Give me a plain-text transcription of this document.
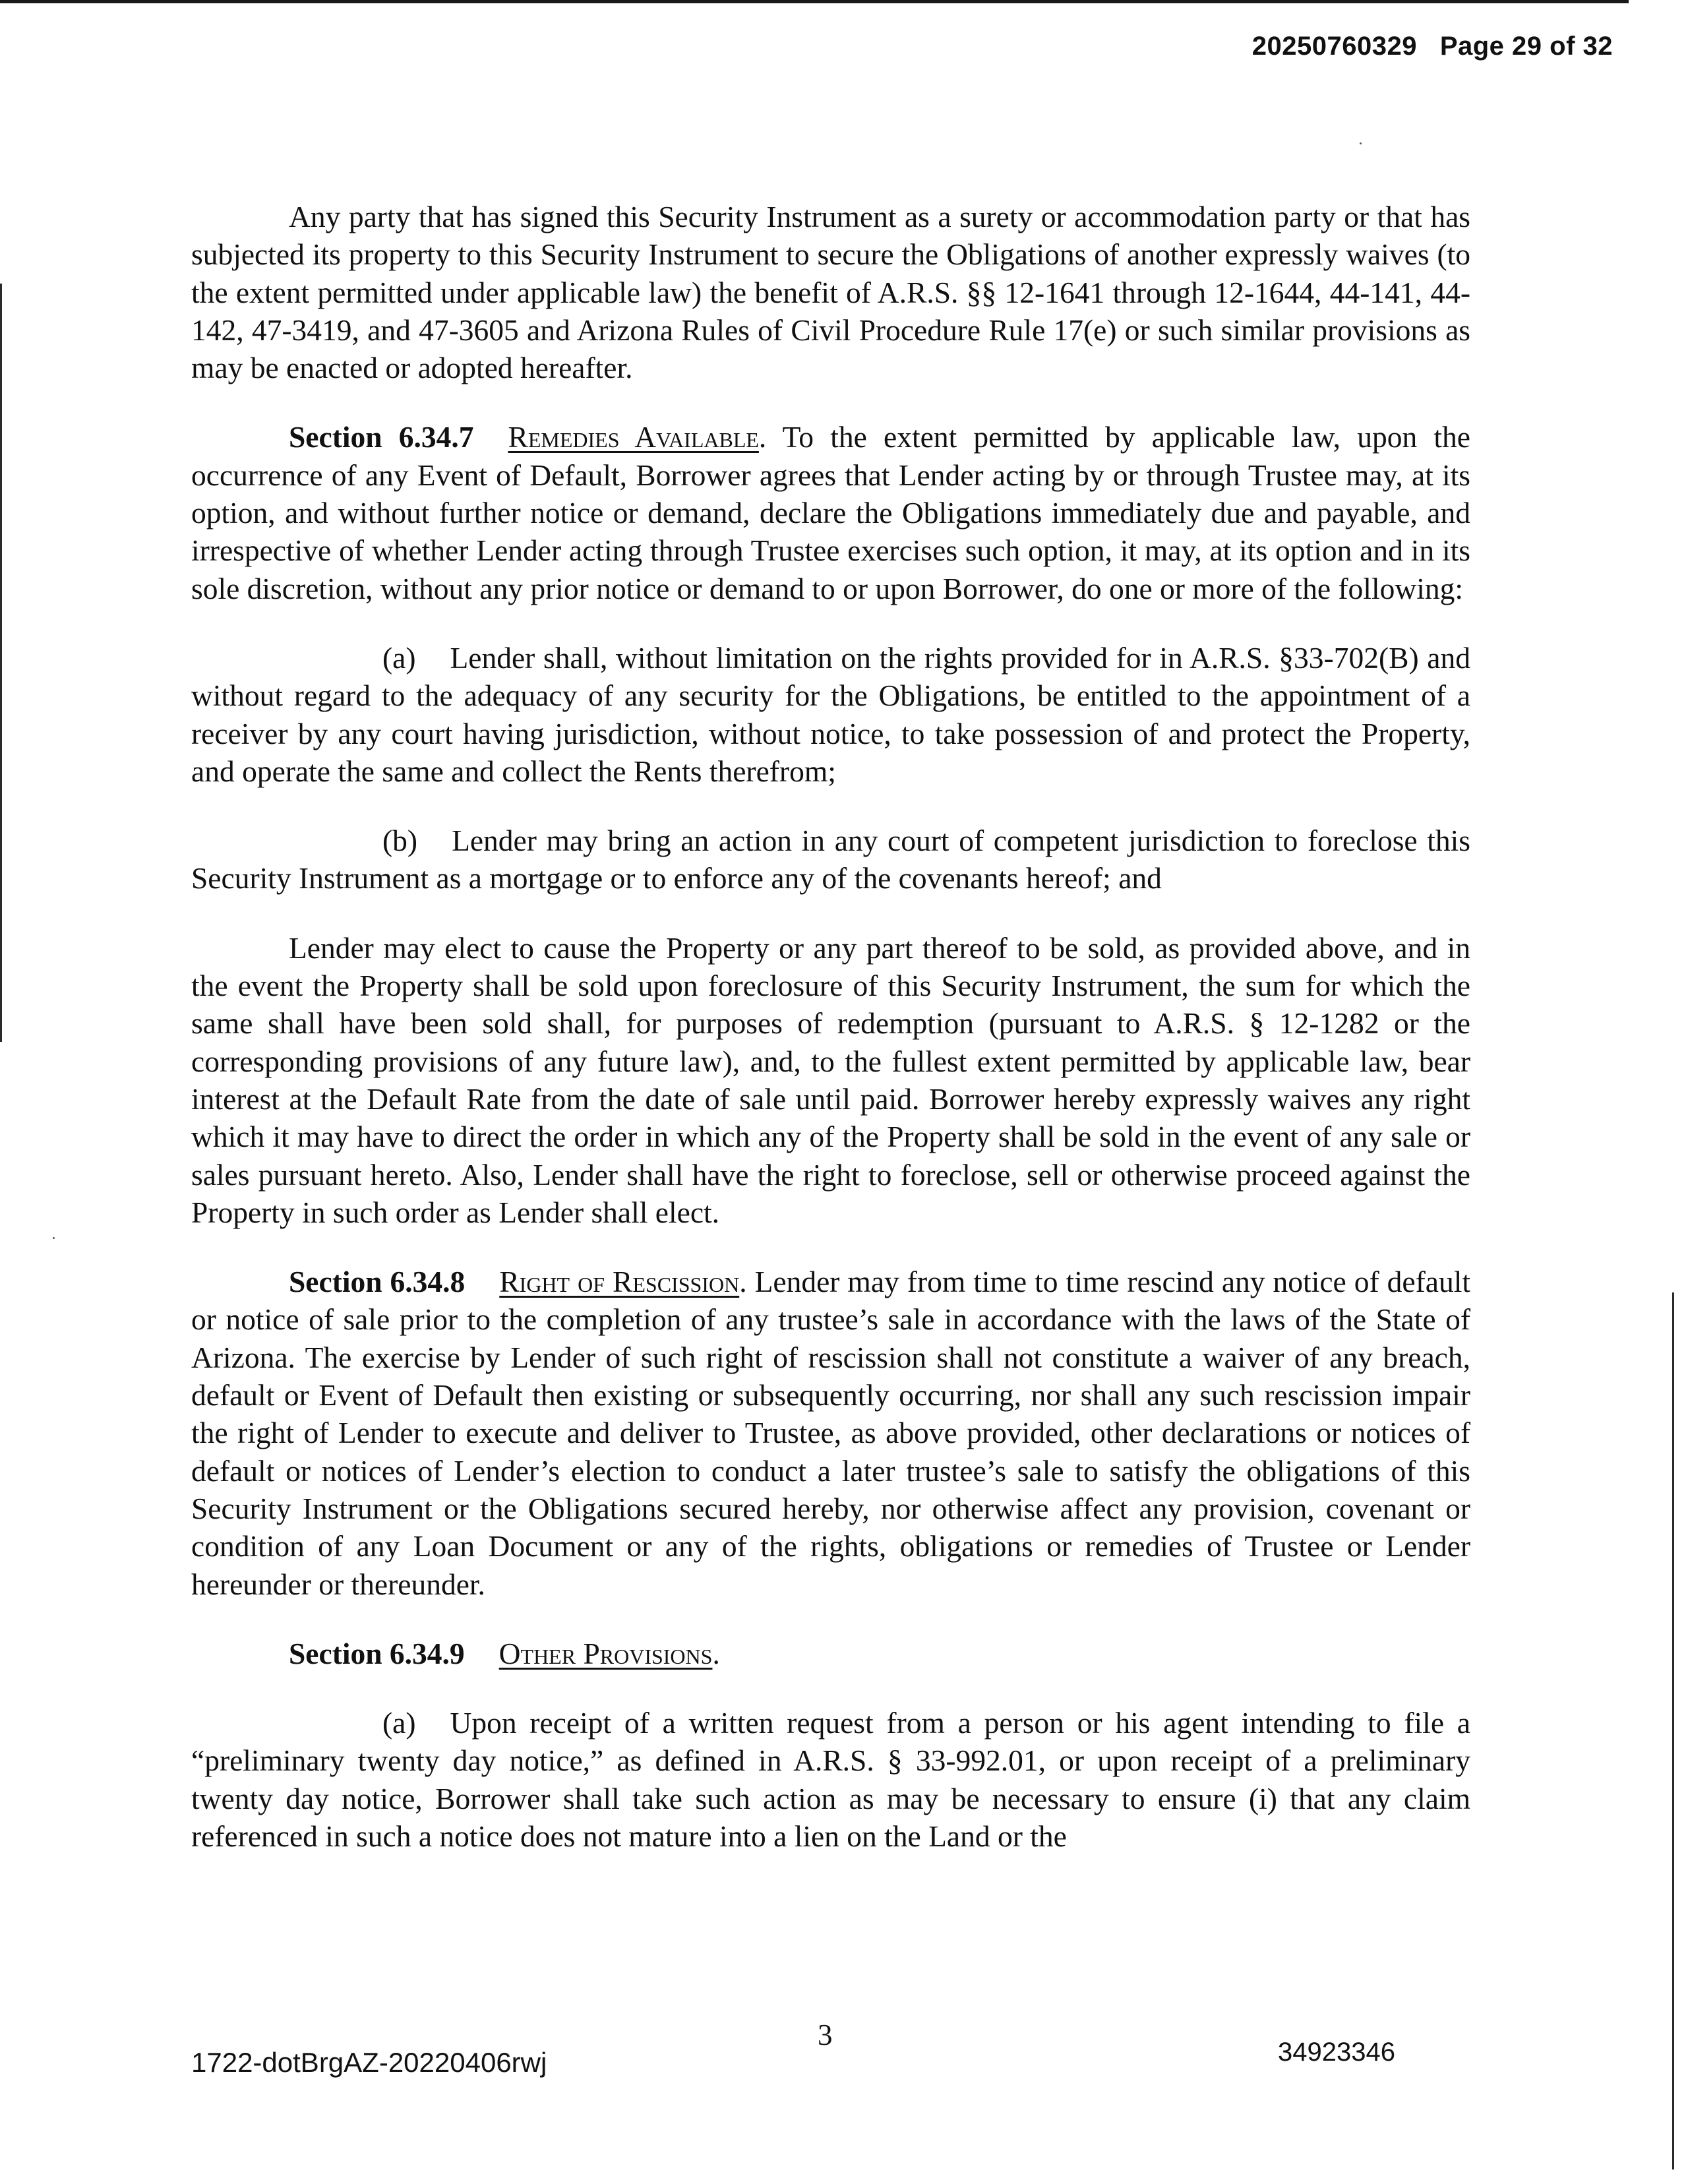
20250760329 Page 29 of 32

Any party that has signed this Security Instrument as a surety or accommodation party or that has subjected its property to this Security Instrument to secure the Obligations of another expressly waives (to the extent permitted under applicable law) the benefit of A.R.S. §§ 12-1641 through 12-1644, 44-141, 44-142, 47-3419, and 47-3605 and Arizona Rules of Civil Procedure Rule 17(e) or such similar provisions as may be enacted or adopted hereafter.

Section 6.34.7 Remedies Available. To the extent permitted by applicable law, upon the occurrence of any Event of Default, Borrower agrees that Lender acting by or through Trustee may, at its option, and without further notice or demand, declare the Obligations immediately due and payable, and irrespective of whether Lender acting through Trustee exercises such option, it may, at its option and in its sole discretion, without any prior notice or demand to or upon Borrower, do one or more of the following:

(a) Lender shall, without limitation on the rights provided for in A.R.S. §33-702(B) and without regard to the adequacy of any security for the Obligations, be entitled to the appointment of a receiver by any court having jurisdiction, without notice, to take possession of and protect the Property, and operate the same and collect the Rents therefrom;

(b) Lender may bring an action in any court of competent jurisdiction to foreclose this Security Instrument as a mortgage or to enforce any of the covenants hereof; and

Lender may elect to cause the Property or any part thereof to be sold, as provided above, and in the event the Property shall be sold upon foreclosure of this Security Instrument, the sum for which the same shall have been sold shall, for purposes of redemption (pursuant to A.R.S. § 12-1282 or the corresponding provisions of any future law), and, to the fullest extent permitted by applicable law, bear interest at the Default Rate from the date of sale until paid. Borrower hereby expressly waives any right which it may have to direct the order in which any of the Property shall be sold in the event of any sale or sales pursuant hereto. Also, Lender shall have the right to foreclose, sell or otherwise proceed against the Property in such order as Lender shall elect.

Section 6.34.8 Right of Rescission. Lender may from time to time rescind any notice of default or notice of sale prior to the completion of any trustee’s sale in accordance with the laws of the State of Arizona. The exercise by Lender of such right of rescission shall not constitute a waiver of any breach, default or Event of Default then existing or subsequently occurring, nor shall any such rescission impair the right of Lender to execute and deliver to Trustee, as above provided, other declarations or notices of default or notices of Lender’s election to conduct a later trustee’s sale to satisfy the obligations of this Security Instrument or the Obligations secured hereby, nor otherwise affect any provision, covenant or condition of any Loan Document or any of the rights, obligations or remedies of Trustee or Lender hereunder or thereunder.

Section 6.34.9 Other Provisions.

(a) Upon receipt of a written request from a person or his agent intending to file a “preliminary twenty day notice,” as defined in A.R.S. § 33-992.01, or upon receipt of a preliminary twenty day notice, Borrower shall take such action as may be necessary to ensure (i) that any claim referenced in such a notice does not mature into a lien on the Land or the

1722-dotBrgAZ-20220406rwj
3
34923346
